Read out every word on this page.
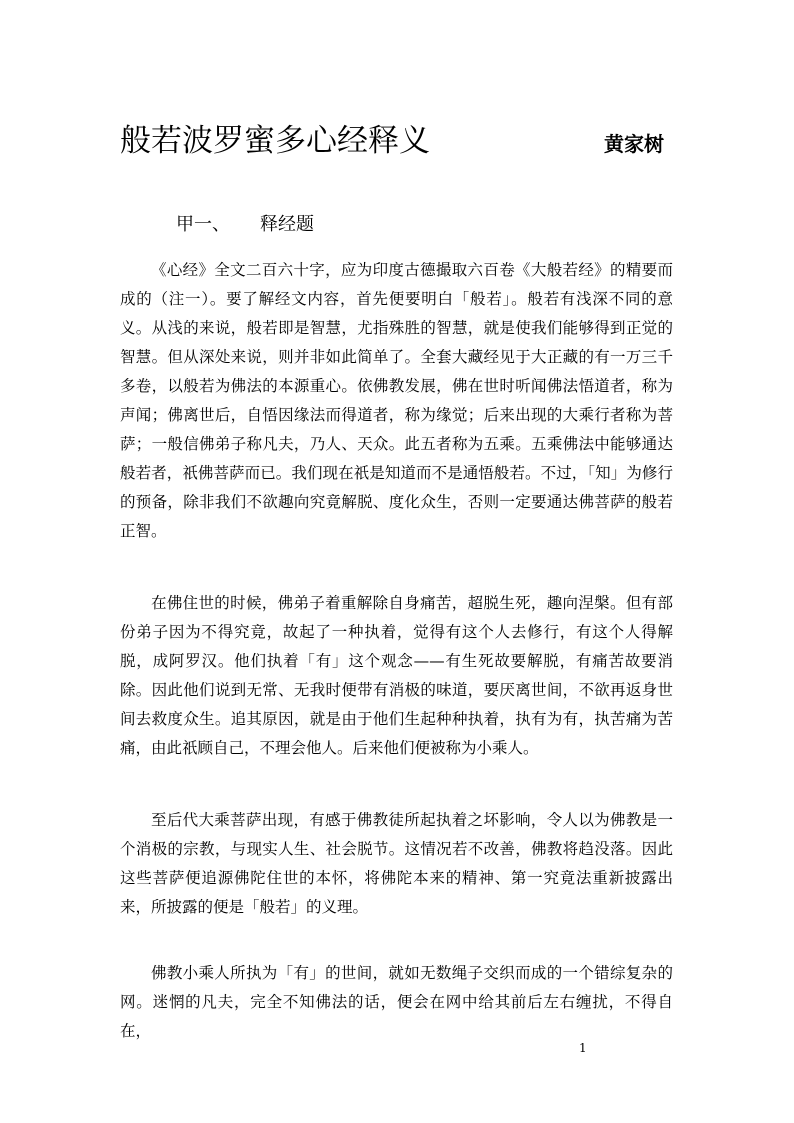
般若波罗蜜多心经释义	黄家树
甲一、 释经题

《心经》全文二百六十字，应为印度古德撮取六百卷《大般若经》的精要而成的（注一）。要了解经文内容，首先便要明白「般若」。般若有浅深不同的意义。从浅的来说，般若即是智慧，尤指殊胜的智慧，就是使我们能够得到正觉的智慧。但从深处来说，则并非如此简单了。全套大藏经见于大正藏的有一万三千多卷，以般若为佛法的本源重心。依佛教发展，佛在世时听闻佛法悟道者，称为声闻；佛离世后，自悟因缘法而得道者，称为缘觉；后来出现的大乘行者称为菩萨；一般信佛弟子称凡夫，乃人、天众。此五者称为五乘。五乘佛法中能够通达般若者，祇佛菩萨而已。我们现在祇是知道而不是通悟般若。不过，「知」为修行的预备，除非我们不欲趣向究竟解脱、度化众生，否则一定要通达佛菩萨的般若正智。

在佛住世的时候，佛弟子着重解除自身痛苦，超脱生死，趣向涅槃。但有部份弟子因为不得究竟，故起了一种执着，觉得有这个人去修行，有这个人得解脱，成阿罗汉。他们执着「有」这个观念——有生死故要解脱，有痛苦故要消除。因此他们说到无常、无我时便带有消极的味道，要厌离世间，不欲再返身世间去救度众生。追其原因，就是由于他们生起种种执着，执有为有，执苦痛为苦痛，由此祇顾自己，不理会他人。后来他们便被称为小乘人。

至后代大乘菩萨出现，有感于佛教徒所起执着之坏影响，令人以为佛教是一个消极的宗教，与现实人生、社会脱节。这情况若不改善，佛教将趋没落。因此这些菩萨便追源佛陀住世的本怀，将佛陀本来的精神、第一究竟法重新披露出来，所披露的便是「般若」的义理。

佛教小乘人所执为「有」的世间，就如无数绳子交织而成的一个错综复杂的网。迷惘的凡夫，完全不知佛法的话，便会在网中给其前后左右缠扰，不得自在，

1
